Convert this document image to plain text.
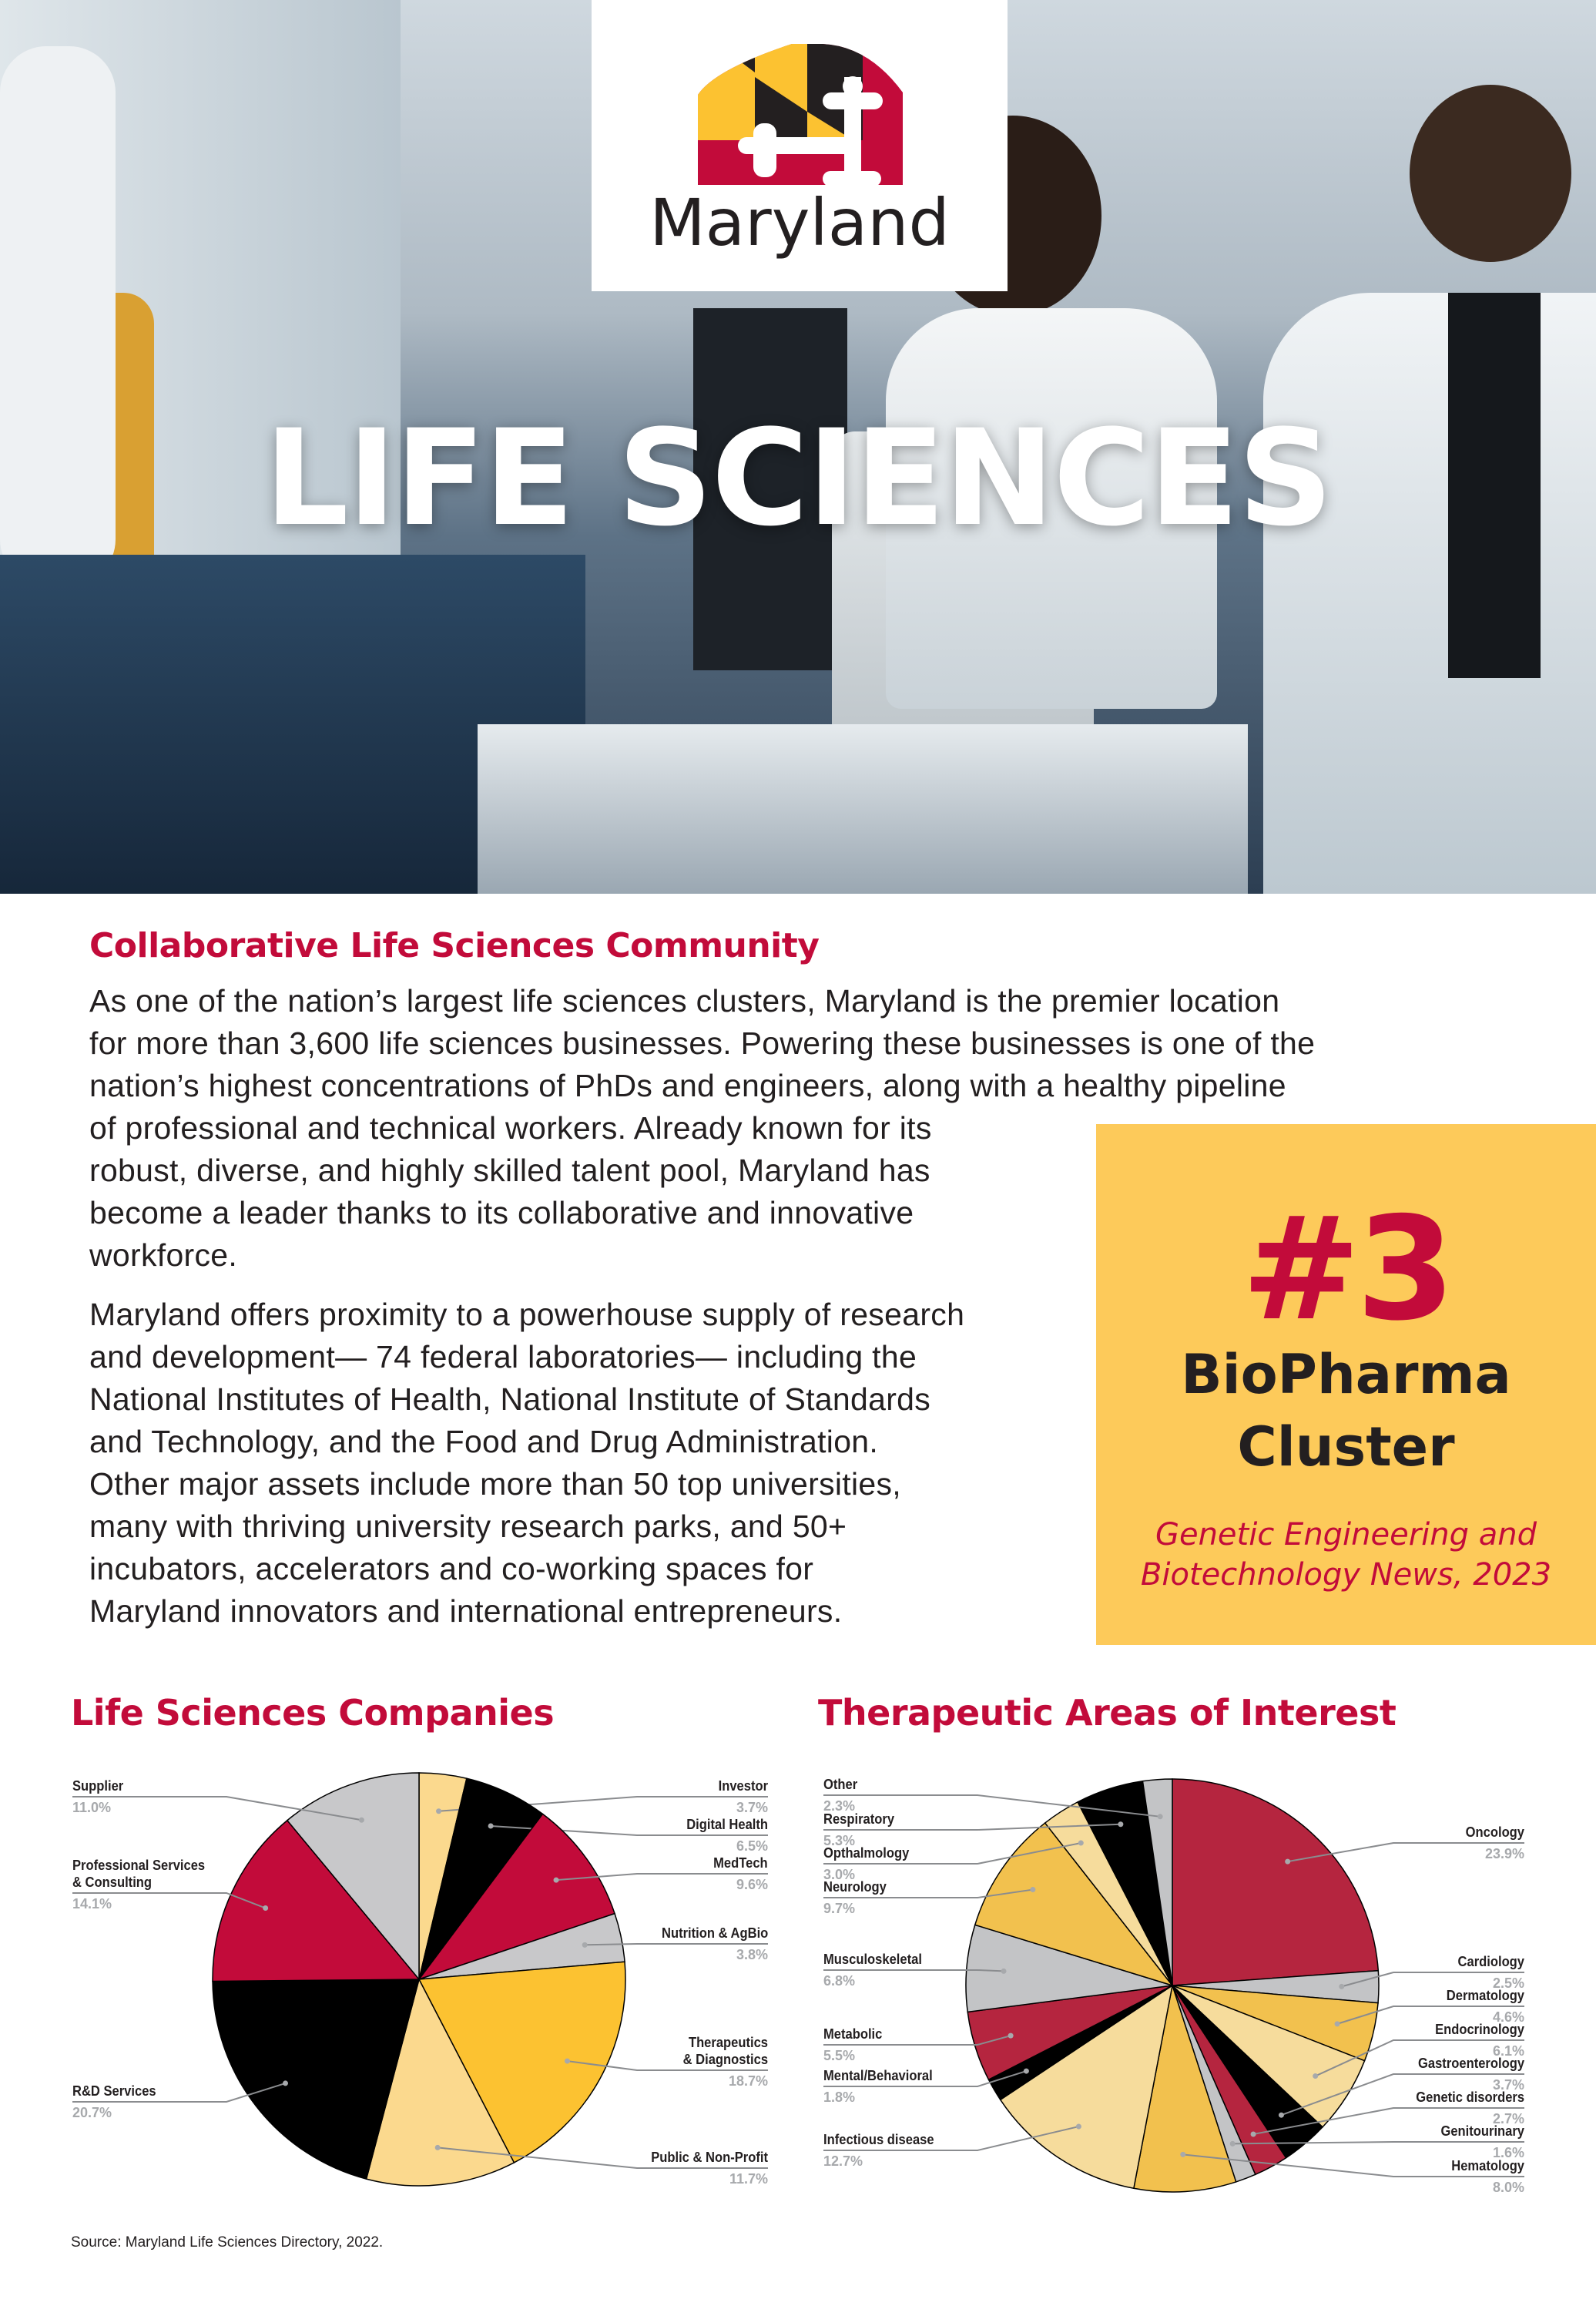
Maryland
LIFE SCIENCES
Collaborative Life Sciences Community
As one of the nation’s largest life sciences clusters, Maryland is the premier location
for more than 3,600 life sciences businesses. Powering these businesses is one of the
nation’s highest concentrations of PhDs and engineers, along with a healthy pipeline
of professional and technical workers. Already known for its
robust, diverse, and highly skilled talent pool, Maryland has
become a leader thanks to its collaborative and innovative
workforce.
Maryland offers proximity to a powerhouse supply of research
and development— 74 federal laboratories— including the
National Institutes of Health, National Institute of Standards
and Technology, and the Food and Drug Administration.
Other major assets include more than 50 top universities,
many with thriving university research parks, and 50+
incubators, accelerators and co-working spaces for
Maryland innovators and international entrepreneurs.
#3
BioPharma
Cluster
Genetic Engineering and
Biotechnology News, 2023
Life Sciences Companies	Therapeutic Areas of Interest
Investor
3.7%
Digital Health
6.5%
MedTech
9.6%
Nutrition & AgBio
3.8%
Therapeutics
& Diagnostics
18.7%
Public & Non-Profit
11.7%
R&D Services
20.7%
Professional Services
& Consulting
14.1%
Supplier
11.0%
Oncology
23.9%
Cardiology
2.5%
Dermatology
4.6%
Endocrinology
6.1%
Gastroenterology
3.7%
Genetic disorders
2.7%
Genitourinary
1.6%
Hematology
8.0%
Infectious disease
12.7%
Mental/Behavioral
1.8%
Metabolic
5.5%
Musculoskeletal
6.8%
Neurology
9.7%
Opthalmology
3.0%
Respiratory
5.3%
Other
2.3%
Source: Maryland Life Sciences Directory, 2022.
